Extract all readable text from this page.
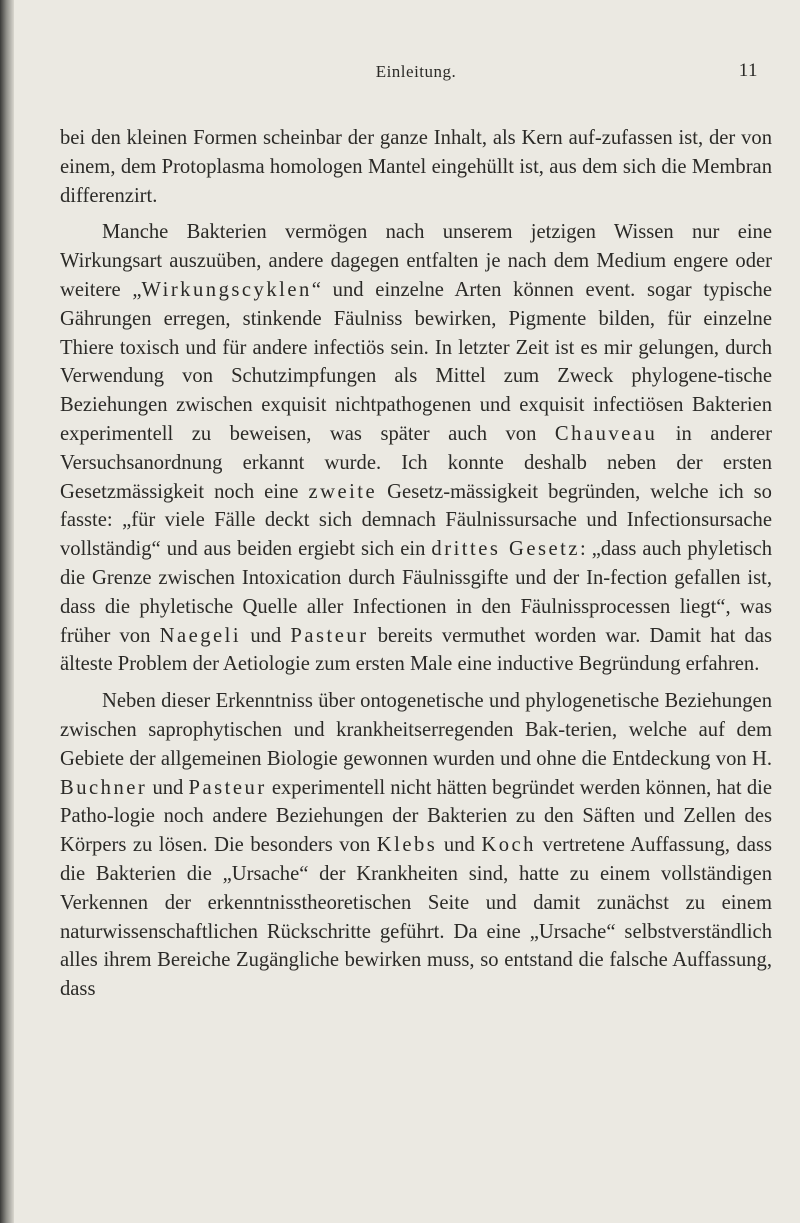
Einleitung.	11

bei den kleinen Formen scheinbar der ganze Inhalt, als Kern auf-zufassen ist, der von einem, dem Protoplasma homologen Mantel eingehüllt ist, aus dem sich die Membran differenzirt.

Manche Bakterien vermögen nach unserem jetzigen Wissen nur eine Wirkungsart auszuüben, andere dagegen entfalten je nach dem Medium engere oder weitere „Wirkungscyklen“ und einzelne Arten können event. sogar typische Gährungen erregen, stinkende Fäulniss bewirken, Pigmente bilden, für einzelne Thiere toxisch und für andere infectiös sein. In letzter Zeit ist es mir gelungen, durch Verwendung von Schutzimpfungen als Mittel zum Zweck phylogene-tische Beziehungen zwischen exquisit nichtpathogenen und exquisit infectiösen Bakterien experimentell zu beweisen, was später auch von Chauveau in anderer Versuchsanordnung erkannt wurde. Ich konnte deshalb neben der ersten Gesetzmässigkeit noch eine zweite Gesetz-mässigkeit begründen, welche ich so fasste: „für viele Fälle deckt sich demnach Fäulnissursache und Infectionsursache vollständig“ und aus beiden ergiebt sich ein drittes Gesetz: „dass auch phyletisch die Grenze zwischen Intoxication durch Fäulnissgifte und der In-fection gefallen ist, dass die phyletische Quelle aller Infectionen in den Fäulnissprocessen liegt“, was früher von Naegeli und Pasteur bereits vermuthet worden war. Damit hat das älteste Problem der Aetiologie zum ersten Male eine inductive Begründung erfahren.

Neben dieser Erkenntniss über ontogenetische und phylogenetische Beziehungen zwischen saprophytischen und krankheitserregenden Bak-terien, welche auf dem Gebiete der allgemeinen Biologie gewonnen wurden und ohne die Entdeckung von H. Buchner und Pasteur experimentell nicht hätten begründet werden können, hat die Patho-logie noch andere Beziehungen der Bakterien zu den Säften und Zellen des Körpers zu lösen. Die besonders von Klebs und Koch vertretene Auffassung, dass die Bakterien die „Ursache“ der Krankheiten sind, hatte zu einem vollständigen Verkennen der erkenntnisstheoretischen Seite und damit zunächst zu einem naturwissenschaftlichen Rückschritte geführt. Da eine „Ursache“ selbstverständlich alles ihrem Bereiche Zugängliche bewirken muss, so entstand die falsche Auffassung, dass
